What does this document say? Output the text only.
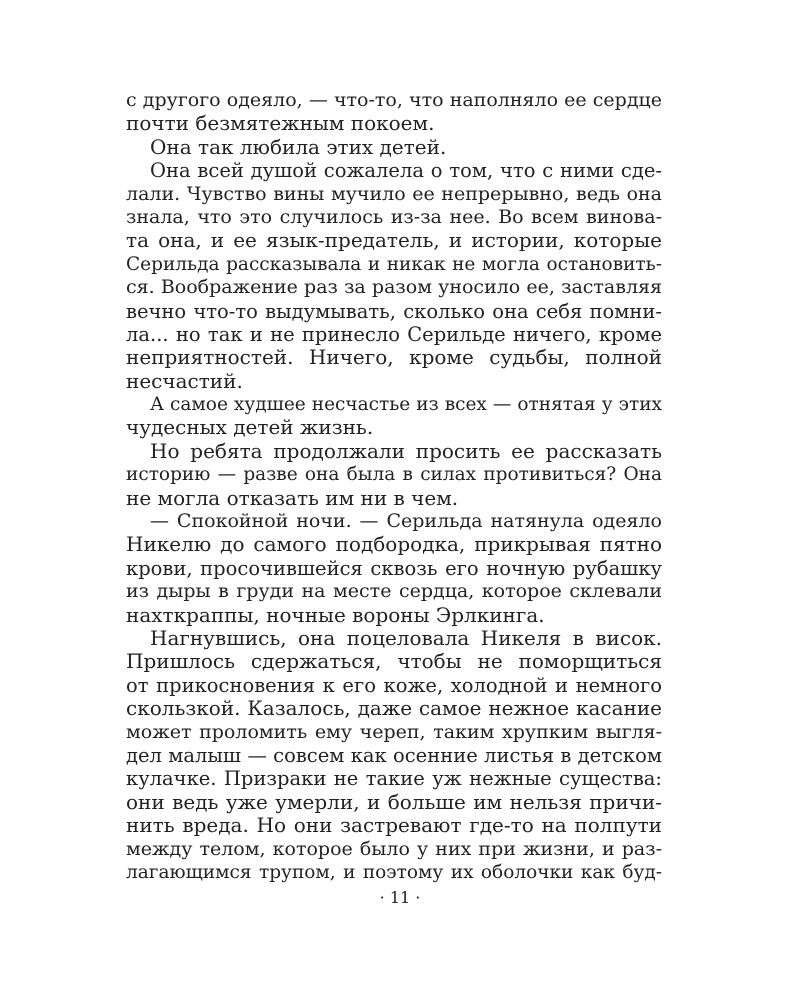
с другого одеяло, — что-то, что наполняло ее сердце
почти безмятежным покоем.
Она так любила этих детей.
Она всей душой сожалела о том, что с ними сде-
лали. Чувство вины мучило ее непрерывно, ведь она
знала, что это случилось из-за нее. Во всем винова-
та она, и ее язык-предатель, и истории, которые
Серильда рассказывала и никак не могла остановить-
ся. Воображение раз за разом уносило ее, заставляя
вечно что-то выдумывать, сколько она себя помни-
ла... но так и не принесло Серильде ничего, кроме
неприятностей. Ничего, кроме судьбы, полной
несчастий.
А самое худшее несчастье из всех — отнятая у этих
чудесных детей жизнь.
Но ребята продолжали просить ее рассказать
историю — разве она была в силах противиться? Она
не могла отказать им ни в чем.
— Спокойной ночи. — Серильда натянула одеяло
Никелю до самого подбородка, прикрывая пятно
крови, просочившейся сквозь его ночную рубашку
из дыры в груди на месте сердца, которое склевали
нахткраппы, ночные вороны Эрлкинга.
Нагнувшись, она поцеловала Никеля в висок.
Пришлось сдержаться, чтобы не поморщиться
от прикосновения к его коже, холодной и немного
скользкой. Казалось, даже самое нежное касание
может проломить ему череп, таким хрупким выгля-
дел малыш — совсем как осенние листья в детском
кулачке. Призраки не такие уж нежные существа:
они ведь уже умерли, и больше им нельзя причи-
нить вреда. Но они застревают где-то на полпути
между телом, которое было у них при жизни, и раз-
лагающимся трупом, и поэтому их оболочки как буд-
· 11 ·
